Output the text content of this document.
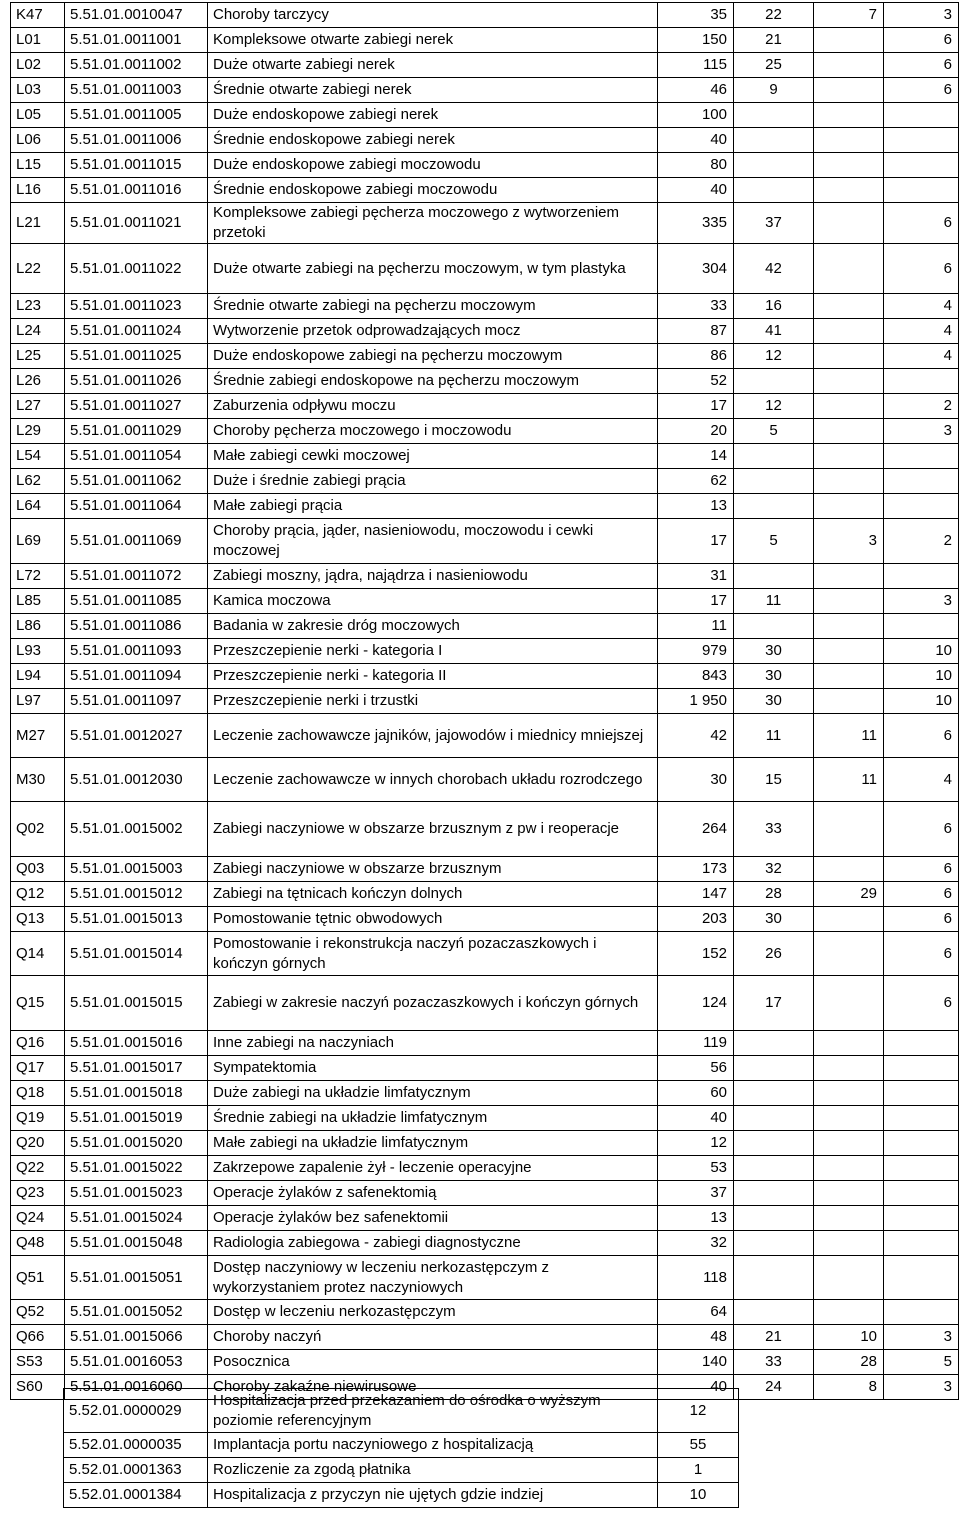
K47	5.51.01.0010047	Choroby tarczycy	35	22	7	3
L01	5.51.01.0011001	Kompleksowe otwarte zabiegi nerek	150	21		6
L02	5.51.01.0011002	Duże otwarte zabiegi nerek	115	25		6
L03	5.51.01.0011003	Średnie otwarte zabiegi nerek	46	9		6
L05	5.51.01.0011005	Duże endoskopowe zabiegi nerek	100			
L06	5.51.01.0011006	Średnie endoskopowe zabiegi nerek	40			
L15	5.51.01.0011015	Duże endoskopowe zabiegi moczowodu	80			
L16	5.51.01.0011016	Średnie endoskopowe zabiegi moczowodu	40			
L21	5.51.01.0011021	Kompleksowe zabiegi pęcherza moczowego z wytworzeniem przetoki	335	37		6
L22	5.51.01.0011022	Duże otwarte zabiegi na pęcherzu moczowym, w tym plastyka	304	42		6
L23	5.51.01.0011023	Średnie otwarte zabiegi na pęcherzu moczowym	33	16		4
L24	5.51.01.0011024	Wytworzenie przetok odprowadzających mocz	87	41		4
L25	5.51.01.0011025	Duże endoskopowe zabiegi na pęcherzu moczowym	86	12		4
L26	5.51.01.0011026	Średnie zabiegi endoskopowe na pęcherzu moczowym	52			
L27	5.51.01.0011027	Zaburzenia odpływu moczu	17	12		2
L29	5.51.01.0011029	Choroby pęcherza moczowego i moczowodu	20	5		3
L54	5.51.01.0011054	Małe zabiegi cewki moczowej	14			
L62	5.51.01.0011062	Duże i średnie zabiegi prącia	62			
L64	5.51.01.0011064	Małe zabiegi prącia	13			
L69	5.51.01.0011069	Choroby prącia, jąder, nasieniowodu, moczowodu i cewki moczowej	17	5	3	2
L72	5.51.01.0011072	Zabiegi moszny, jądra, najądrza i nasieniowodu	31			
L85	5.51.01.0011085	Kamica moczowa	17	11		3
L86	5.51.01.0011086	Badania w zakresie dróg moczowych	11			
L93	5.51.01.0011093	Przeszczepienie nerki - kategoria I	979	30		10
L94	5.51.01.0011094	Przeszczepienie nerki - kategoria II	843	30		10
L97	5.51.01.0011097	Przeszczepienie nerki i trzustki	1 950	30		10
M27	5.51.01.0012027	Leczenie zachowawcze jajników, jajowodów i miednicy mniejszej	42	11	11	6
M30	5.51.01.0012030	Leczenie zachowawcze w innych chorobach układu rozrodczego	30	15	11	4
Q02	5.51.01.0015002	Zabiegi naczyniowe w obszarze brzusznym z pw i reoperacje	264	33		6
Q03	5.51.01.0015003	Zabiegi naczyniowe w obszarze brzusznym	173	32		6
Q12	5.51.01.0015012	Zabiegi na tętnicach kończyn dolnych	147	28	29	6
Q13	5.51.01.0015013	Pomostowanie tętnic obwodowych	203	30		6
Q14	5.51.01.0015014	Pomostowanie i rekonstrukcja naczyń pozaczaszkowych i kończyn górnych	152	26		6
Q15	5.51.01.0015015	Zabiegi w zakresie naczyń pozaczaszkowych i kończyn górnych	124	17		6
Q16	5.51.01.0015016	Inne zabiegi na naczyniach	119			
Q17	5.51.01.0015017	Sympatektomia	56			
Q18	5.51.01.0015018	Duże zabiegi na układzie limfatycznym	60			
Q19	5.51.01.0015019	Średnie zabiegi na układzie limfatycznym	40			
Q20	5.51.01.0015020	Małe zabiegi na układzie limfatycznym	12			
Q22	5.51.01.0015022	Zakrzepowe zapalenie żył - leczenie operacyjne	53			
Q23	5.51.01.0015023	Operacje żylaków z safenektomią	37			
Q24	5.51.01.0015024	Operacje żylaków bez safenektomii	13			
Q48	5.51.01.0015048	Radiologia zabiegowa - zabiegi diagnostyczne	32			
Q51	5.51.01.0015051	Dostęp naczyniowy w leczeniu nerkozastępczym z wykorzystaniem protez naczyniowych	118			
Q52	5.51.01.0015052	Dostęp w leczeniu nerkozastępczym	64			
Q66	5.51.01.0015066	Choroby naczyń	48	21	10	3
S53	5.51.01.0016053	Posocznica	140	33	28	5
S60	5.51.01.0016060	Choroby zakaźne niewirusowe	40	24	8	3
5.52.01.0000029	Hospitalizacja przed przekazaniem do ośrodka o wyższym poziomie referencyjnym	12
5.52.01.0000035	Implantacja portu naczyniowego z hospitalizacją	55
5.52.01.0001363	Rozliczenie za zgodą płatnika	1
5.52.01.0001384	Hospitalizacja z przyczyn nie ujętych gdzie indziej	10
